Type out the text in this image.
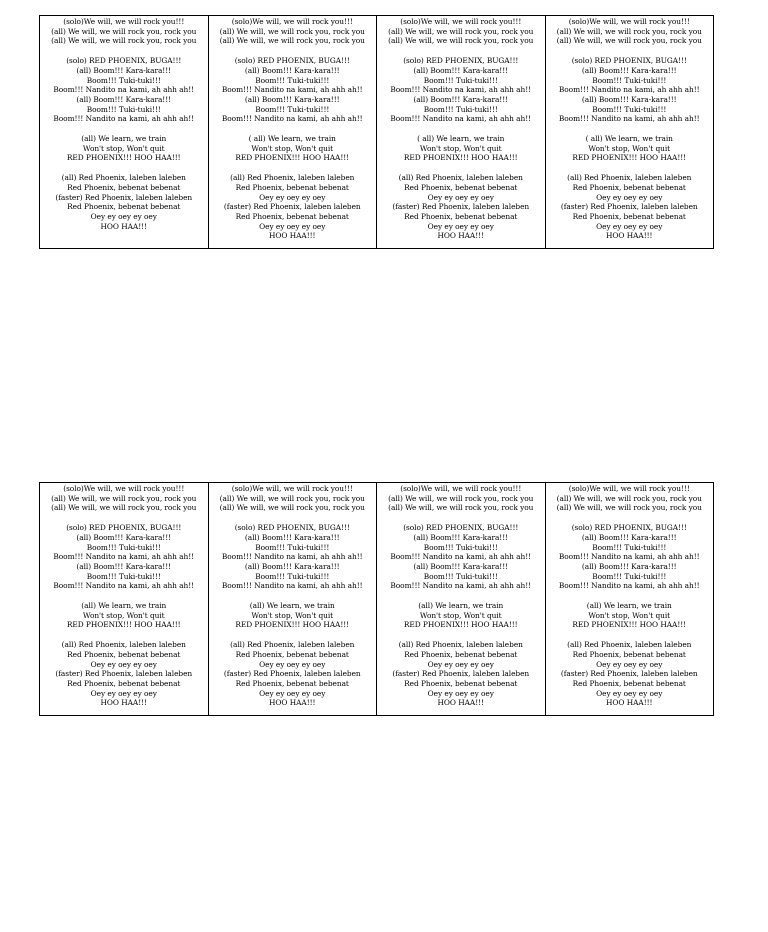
(solo)We will, we will rock you!!!
(all) We will, we will rock you, rock you
(all) We will, we will rock you, rock you
(solo) RED PHOENIX, BUGA!!!
(all) Boom!!! Kara-kara!!!
Boom!!! Tuki-tuki!!!
Boom!!! Nandito na kami, ah ahh ah!!
(all) Boom!!! Kara-kara!!!
Boom!!! Tuki-tuki!!!
Boom!!! Nandito na kami, ah ahh ah!!
(all) We learn, we train
Won't stop, Won't quit
RED PHOENIX!!! HOO HAA!!!
(all) Red Phoenix, laleben laleben
Red Phoenix, bebenat bebenat
(faster) Red Phoenix, laleben laleben
Red Phoenix, bebenat bebenat
Oey ey oey ey oey
HOO HAA!!!
(solo)We will, we will rock you!!!
(all) We will, we will rock you, rock you
(all) We will, we will rock you, rock you
(solo) RED PHOENIX, BUGA!!!
(all) Boom!!! Kara-kara!!!
Boom!!! Tuki-tuki!!!
Boom!!! Nandito na kami, ah ahh ah!!
(all) Boom!!! Kara-kara!!!
Boom!!! Tuki-tuki!!!
Boom!!! Nandito na kami, ah ahh ah!!
( all) We learn, we train
Won't stop, Won't quit
RED PHOENIX!!! HOO HAA!!!
(all) Red Phoenix, laleben laleben
Red Phoenix, bebenat bebenat
Oey ey oey ey oey
(faster) Red Phoenix, laleben laleben
Red Phoenix, bebenat bebenat
Oey ey oey ey oey
HOO HAA!!!
(solo)We will, we will rock you!!!
(all) We will, we will rock you, rock you
(all) We will, we will rock you, rock you
(solo) RED PHOENIX, BUGA!!!
(all) Boom!!! Kara-kara!!!
Boom!!! Tuki-tuki!!!
Boom!!! Nandito na kami, ah ahh ah!!
(all) Boom!!! Kara-kara!!!
Boom!!! Tuki-tuki!!!
Boom!!! Nandito na kami, ah ahh ah!!
( all) We learn, we train
Won't stop, Won't quit
RED PHOENIX!!! HOO HAA!!!
(all) Red Phoenix, laleben laleben
Red Phoenix, bebenat bebenat
Oey ey oey ey oey
(faster) Red Phoenix, laleben laleben
Red Phoenix, bebenat bebenat
Oey ey oey ey oey
HOO HAA!!!
(solo)We will, we will rock you!!!
(all) We will, we will rock you, rock you
(all) We will, we will rock you, rock you
(solo) RED PHOENIX, BUGA!!!
(all) Boom!!! Kara-kara!!!
Boom!!! Tuki-tuki!!!
Boom!!! Nandito na kami, ah ahh ah!!
(all) Boom!!! Kara-kara!!!
Boom!!! Tuki-tuki!!!
Boom!!! Nandito na kami, ah ahh ah!!
( all) We learn, we train
Won't stop, Won't quit
RED PHOENIX!!! HOO HAA!!!
(all) Red Phoenix, laleben laleben
Red Phoenix, bebenat bebenat
Oey ey oey ey oey
(faster) Red Phoenix, laleben laleben
Red Phoenix, bebenat bebenat
Oey ey oey ey oey
HOO HAA!!!
(solo)We will, we will rock you!!!
(all) We will, we will rock you, rock you
(all) We will, we will rock you, rock you
(solo) RED PHOENIX, BUGA!!!
(all) Boom!!! Kara-kara!!!
Boom!!! Tuki-tuki!!!
Boom!!! Nandito na kami, ah ahh ah!!
(all) Boom!!! Kara-kara!!!
Boom!!! Tuki-tuki!!!
Boom!!! Nandito na kami, ah ahh ah!!
(all) We learn, we train
Won't stop, Won't quit
RED PHOENIX!!! HOO HAA!!!
(all) Red Phoenix, laleben laleben
Red Phoenix, bebenat bebenat
Oey ey oey ey oey
(faster) Red Phoenix, laleben laleben
Red Phoenix, bebenat bebenat
Oey ey oey ey oey
HOO HAA!!!
(solo)We will, we will rock you!!!
(all) We will, we will rock you, rock you
(all) We will, we will rock you, rock you
(solo) RED PHOENIX, BUGA!!!
(all) Boom!!! Kara-kara!!!
Boom!!! Tuki-tuki!!!
Boom!!! Nandito na kami, ah ahh ah!!
(all) Boom!!! Kara-kara!!!
Boom!!! Tuki-tuki!!!
Boom!!! Nandito na kami, ah ahh ah!!
(all) We learn, we train
Won't stop, Won't quit
RED PHOENIX!!! HOO HAA!!!
(all) Red Phoenix, laleben laleben
Red Phoenix, bebenat bebenat
Oey ey oey ey oey
(faster) Red Phoenix, laleben laleben
Red Phoenix, bebenat bebenat
Oey ey oey ey oey
HOO HAA!!!
(solo)We will, we will rock you!!!
(all) We will, we will rock you, rock you
(all) We will, we will rock you, rock you
(solo) RED PHOENIX, BUGA!!!
(all) Boom!!! Kara-kara!!!
Boom!!! Tuki-tuki!!!
Boom!!! Nandito na kami, ah ahh ah!!
(all) Boom!!! Kara-kara!!!
Boom!!! Tuki-tuki!!!
Boom!!! Nandito na kami, ah ahh ah!!
(all) We learn, we train
Won't stop, Won't quit
RED PHOENIX!!! HOO HAA!!!
(all) Red Phoenix, laleben laleben
Red Phoenix, bebenat bebenat
Oey ey oey ey oey
(faster) Red Phoenix, laleben laleben
Red Phoenix, bebenat bebenat
Oey ey oey ey oey
HOO HAA!!!
(solo)We will, we will rock you!!!
(all) We will, we will rock you, rock you
(all) We will, we will rock you, rock you
(solo) RED PHOENIX, BUGA!!!
(all) Boom!!! Kara-kara!!!
Boom!!! Tuki-tuki!!!
Boom!!! Nandito na kami, ah ahh ah!!
(all) Boom!!! Kara-kara!!!
Boom!!! Tuki-tuki!!!
Boom!!! Nandito na kami, ah ahh ah!!
(all) We learn, we train
Won't stop, Won't quit
RED PHOENIX!!! HOO HAA!!!
(all) Red Phoenix, laleben laleben
Red Phoenix, bebenat bebenat
Oey ey oey ey oey
(faster) Red Phoenix, laleben laleben
Red Phoenix, bebenat bebenat
Oey ey oey ey oey
HOO HAA!!!
